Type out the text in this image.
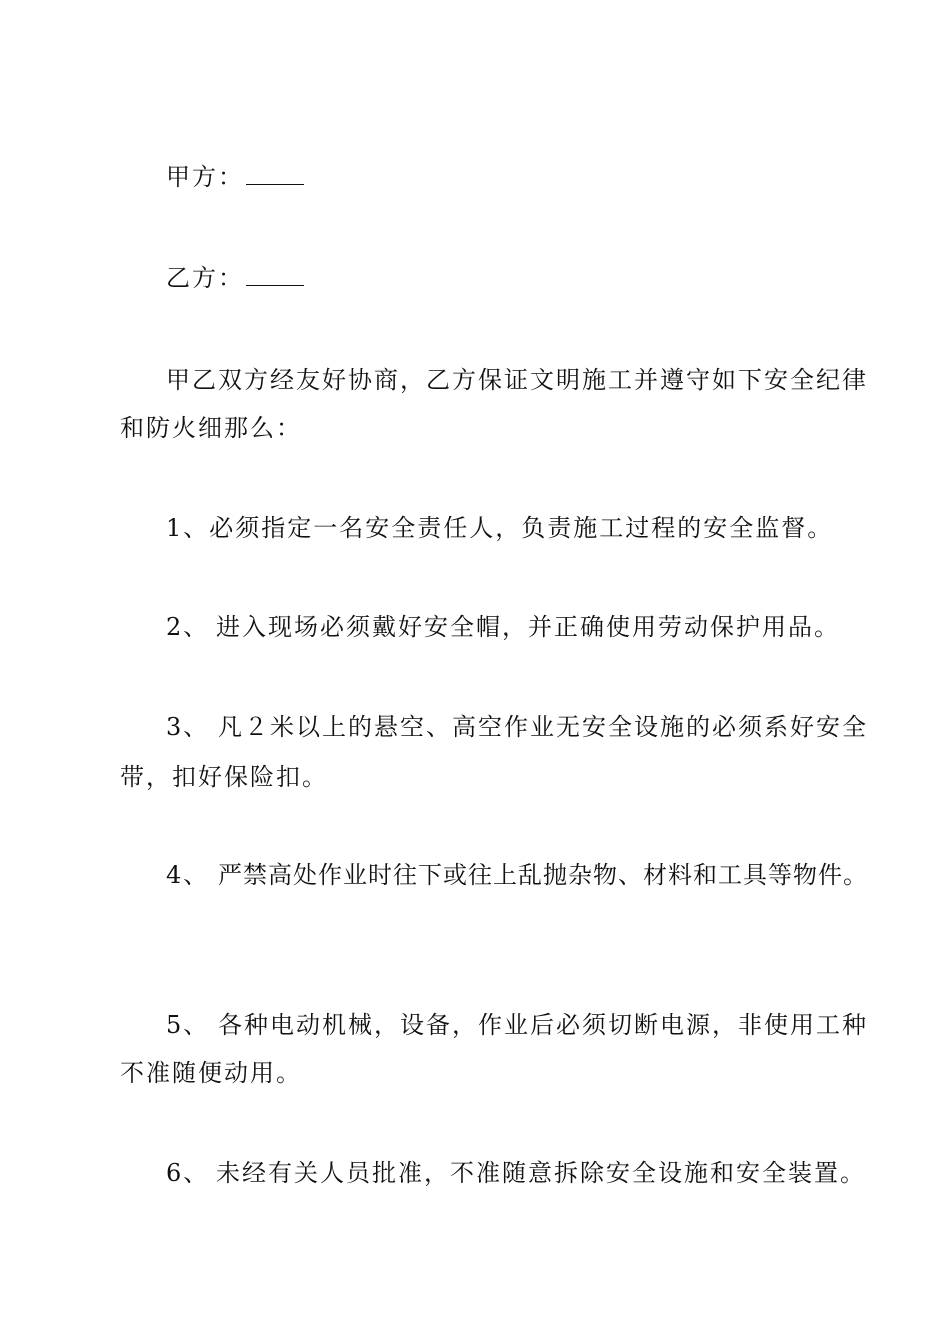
甲方：
乙方：
甲乙双方经友好协商，乙方保证文明施工并遵守如下安全纪律
和防火细那么：
1、必须指定一名安全责任人，负责施工过程的安全监督。
2、 进入现场必须戴好安全帽，并正确使用劳动保护用品。
3、 凡２米以上的悬空、高空作业无安全设施的必须系好安全
带，扣好保险扣。
4、 严禁高处作业时往下或往上乱抛杂物、材料和工具等物件。
5、 各种电动机械，设备，作业后必须切断电源，非使用工种
不准随便动用。
6、 未经有关人员批准，不准随意拆除安全设施和安全装置。
